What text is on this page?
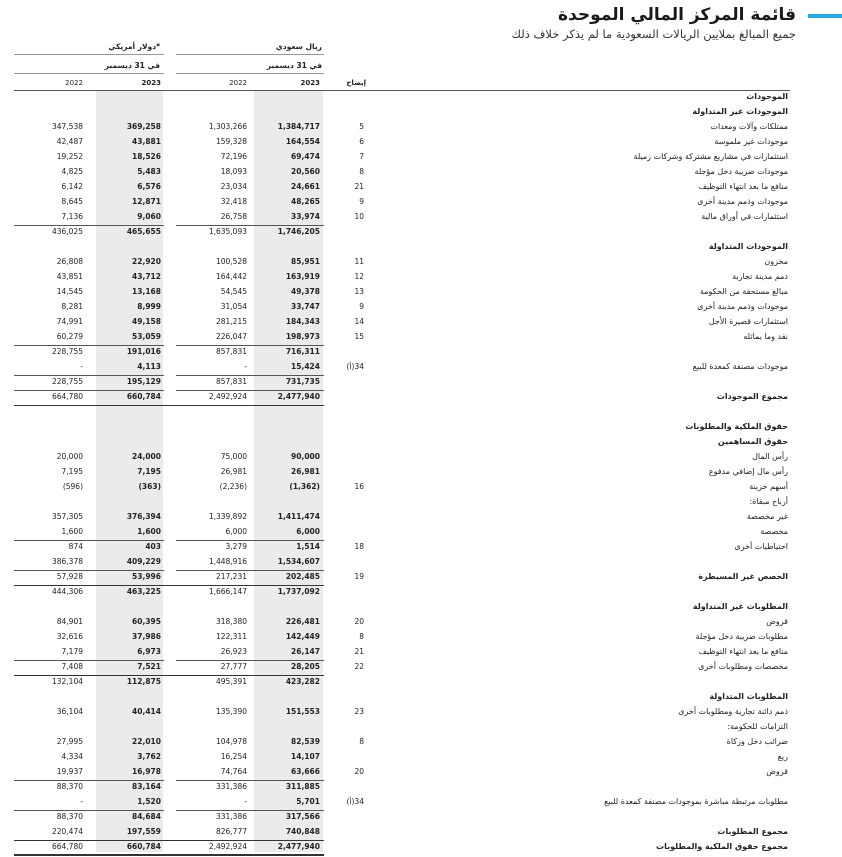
قائمة المركز المالي الموحدة
جميع المبالغ بملايين الريالات السعودية ما لم يذكر خلاف ذلك
دولار أمريكي*	ريال سعودي
في 31 ديسمبر	في 31 ديسمبر
2022	2023	2022	2023	إيضاح
الموجودات
الموجودات غير المتداولة
347,538	369,258	1,303,266	1,384,717	5	ممتلكات وآلات ومعدات
42,487	43,881	159,328	164,554	6	موجودات غير ملموسة
19,252	18,526	72,196	69,474	7	استثمارات في مشاريع مشتركة وشركات زميلة
4,825	5,483	18,093	20,560	8	موجودات ضريبة دخل مؤجلة
6,142	6,576	23,034	24,661	21	منافع ما بعد انتهاء التوظيف
8,645	12,871	32,418	48,265	9	موجودات وذمم مدينة أخرى
7,136	9,060	26,758	33,974	10	استثمارات في أوراق مالية
436,025	465,655	1,635,093	1,746,205
الموجودات المتداولة
26,808	22,920	100,528	85,951	11	مخزون
43,851	43,712	164,442	163,919	12	ذمم مدينة تجارية
14,545	13,168	54,545	49,378	13	مبالغ مستحقة من الحكومة
8,281	8,999	31,054	33,747	9	موجودات وذمم مدينة أخرى
74,991	49,158	281,215	184,343	14	استثمارات قصيرة الأجل
60,279	53,059	226,047	198,973	15	نقد وما يماثله
228,755	191,016	857,831	716,311
-	4,113	-	15,424	(أ)34	موجودات مصنفة كمعدة للبيع
228,755	195,129	857,831	731,735
664,780	660,784	2,492,924	2,477,940	مجموع الموجودات
حقوق الملكية والمطلوبات
حقوق المساهمين
20,000	24,000	75,000	90,000	رأس المال
7,195	7,195	26,981	26,981	رأس مال إضافي مدفوع
(596)	(363)	(2,236)	(1,362)	16	أسهم خزينة
أرباح مبقاة:
357,305	376,394	1,339,892	1,411,474	غير مخصصة
1,600	1,600	6,000	6,000	مخصصة
874	403	3,279	1,514	18	احتياطيات أخرى
386,378	409,229	1,448,916	1,534,607
57,928	53,996	217,231	202,485	19	الحصص غير المسيطرة
444,306	463,225	1,666,147	1,737,092
المطلوبات غير المتداولة
84,901	60,395	318,380	226,481	20	قروض
32,616	37,986	122,311	142,449	8	مطلوبات ضريبة دخل مؤجلة
7,179	6,973	26,923	26,147	21	منافع ما بعد انتهاء التوظيف
7,408	7,521	27,777	28,205	22	مخصصات ومطلوبات أخرى
132,104	112,875	495,391	423,282
المطلوبات المتداولة
36,104	40,414	135,390	151,553	23	ذمم دائنة تجارية ومطلوبات أخرى
التزامات للحكومة:
27,995	22,010	104,978	82,539	8	ضرائب دخل وزكاة
4,334	3,762	16,254	14,107	ريع
19,937	16,978	74,764	63,666	20	قروض
88,370	83,164	331,386	311,885
-	1,520	-	5,701	(أ)34	مطلوبات مرتبطة مباشرة بموجودات مصنفة كمعدة للبيع
88,370	84,684	331,386	317,566
220,474	197,559	826,777	740,848	مجموع المطلوبات
664,780	660,784	2,492,924	2,477,940	مجموع حقوق الملكية والمطلوبات
